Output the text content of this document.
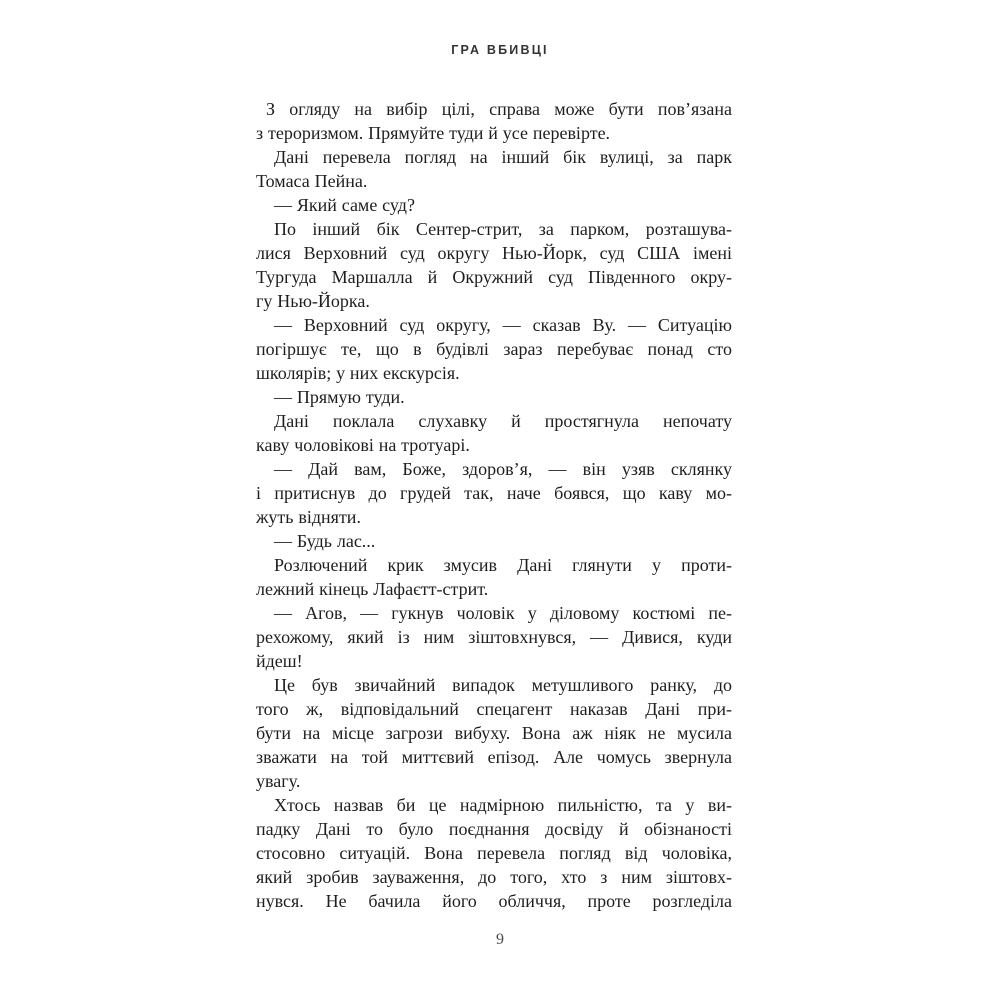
ГРА ВБИВЦІ
З огляду на вибір цілі, справа може бути пов’язана
з тероризмом. Прямуйте туди й усе перевірте.
Дані перевела погляд на інший бік вулиці, за парк
Томаса Пейна.
— Який саме суд?
По інший бік Сентер-стрит, за парком, розташува-
лися Верховний суд округу Нью-Йорк, суд США імені
Тургуда Маршалла й Окружний суд Південного окру-
гу Нью-Йорка.
— Верховний суд округу, — сказав Ву. — Ситуацію
погіршує те, що в будівлі зараз перебуває понад сто
школярів; у них екскурсія.
— Прямую туди.
Дані поклала слухавку й простягнула непочату
каву чоловікові на тротуарі.
— Дай вам, Боже, здоров’я, — він узяв склянку
і притиснув до грудей так, наче боявся, що каву мо-
жуть відняти.
— Будь лас...
Розлючений крик змусив Дані глянути у проти-
лежний кінець Лафаєтт-стрит.
— Агов, — гукнув чоловік у діловому костюмі пе-
рехожому, який із ним зіштовхнувся, — Дивися, куди
йдеш!
Це був звичайний випадок метушливого ранку, до
того ж, відповідальний спецагент наказав Дані при-
бути на місце загрози вибуху. Вона аж ніяк не мусила
зважати на той миттєвий епізод. Але чомусь звернула
увагу.
Хтось назвав би це надмірною пильністю, та у ви-
падку Дані то було поєднання досвіду й обізнаності
стосовно ситуацій. Вона перевела погляд від чоловіка,
який зробив зауваження, до того, хто з ним зіштовх-
нувся. Не бачила його обличчя, проте розгледіла
9
